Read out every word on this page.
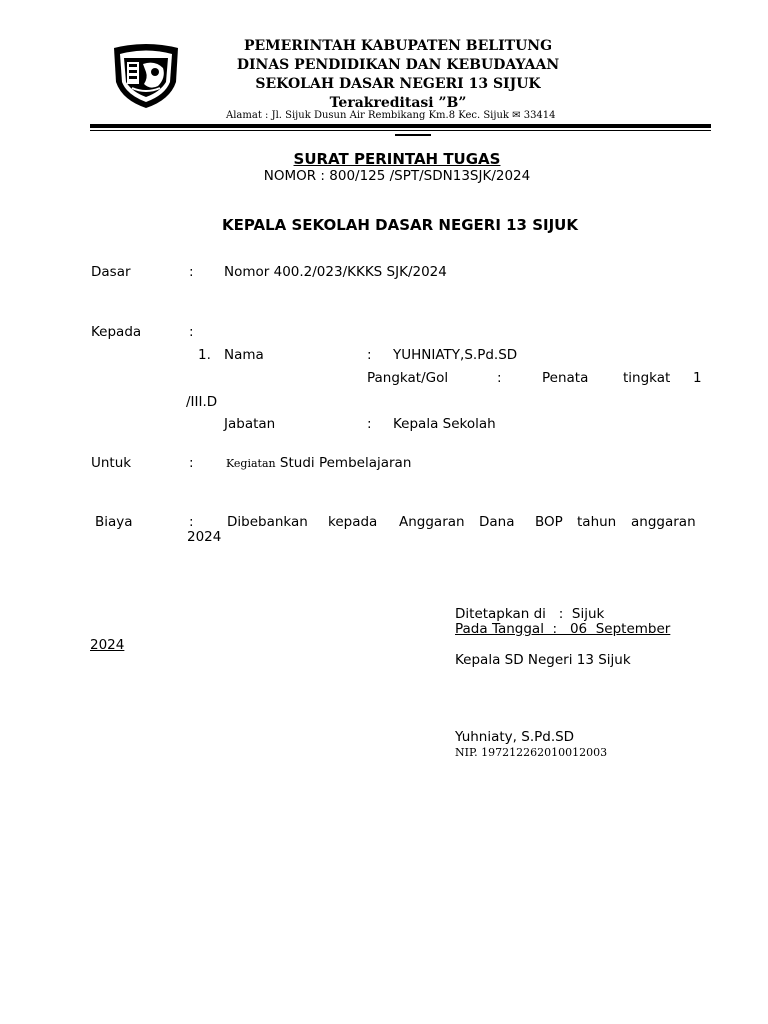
PEMERINTAH KABUPATEN BELITUNG
DINAS PENDIDIKAN DAN KEBUDAYAAN
SEKOLAH DASAR NEGERI 13 SIJUK
Terakreditasi ”B”
Alamat : Jl. Sijuk Dusun Air Rembikang Km.8 Kec. Sijuk ✉ 33414
SURAT PERINTAH TUGAS
NOMOR : 800/125 /SPT/SDN13SJK/2024
KEPALA SEKOLAH DASAR NEGERI 13 SIJUK
Dasar	: Nomor 400.2/023/KKKS SJK/2024
Kepada	:
1. Nama	: YUHNIATY,S.Pd.SD
Pangkat/Gol	:	Penata	tingkat 1
/III.D
Jabatan	: Kepala Sekolah
Untuk	:	Kegiatan Studi Pembelajaran
Biaya	: Dibebankan kepada Anggaran Dana BOP tahun anggaran
2024
Ditetapkan di   :  Sijuk
Pada Tanggal  :   06  September
2024
Kepala SD Negeri 13 Sijuk
Yuhniaty, S.Pd.SD
NIP. 197212262010012003
